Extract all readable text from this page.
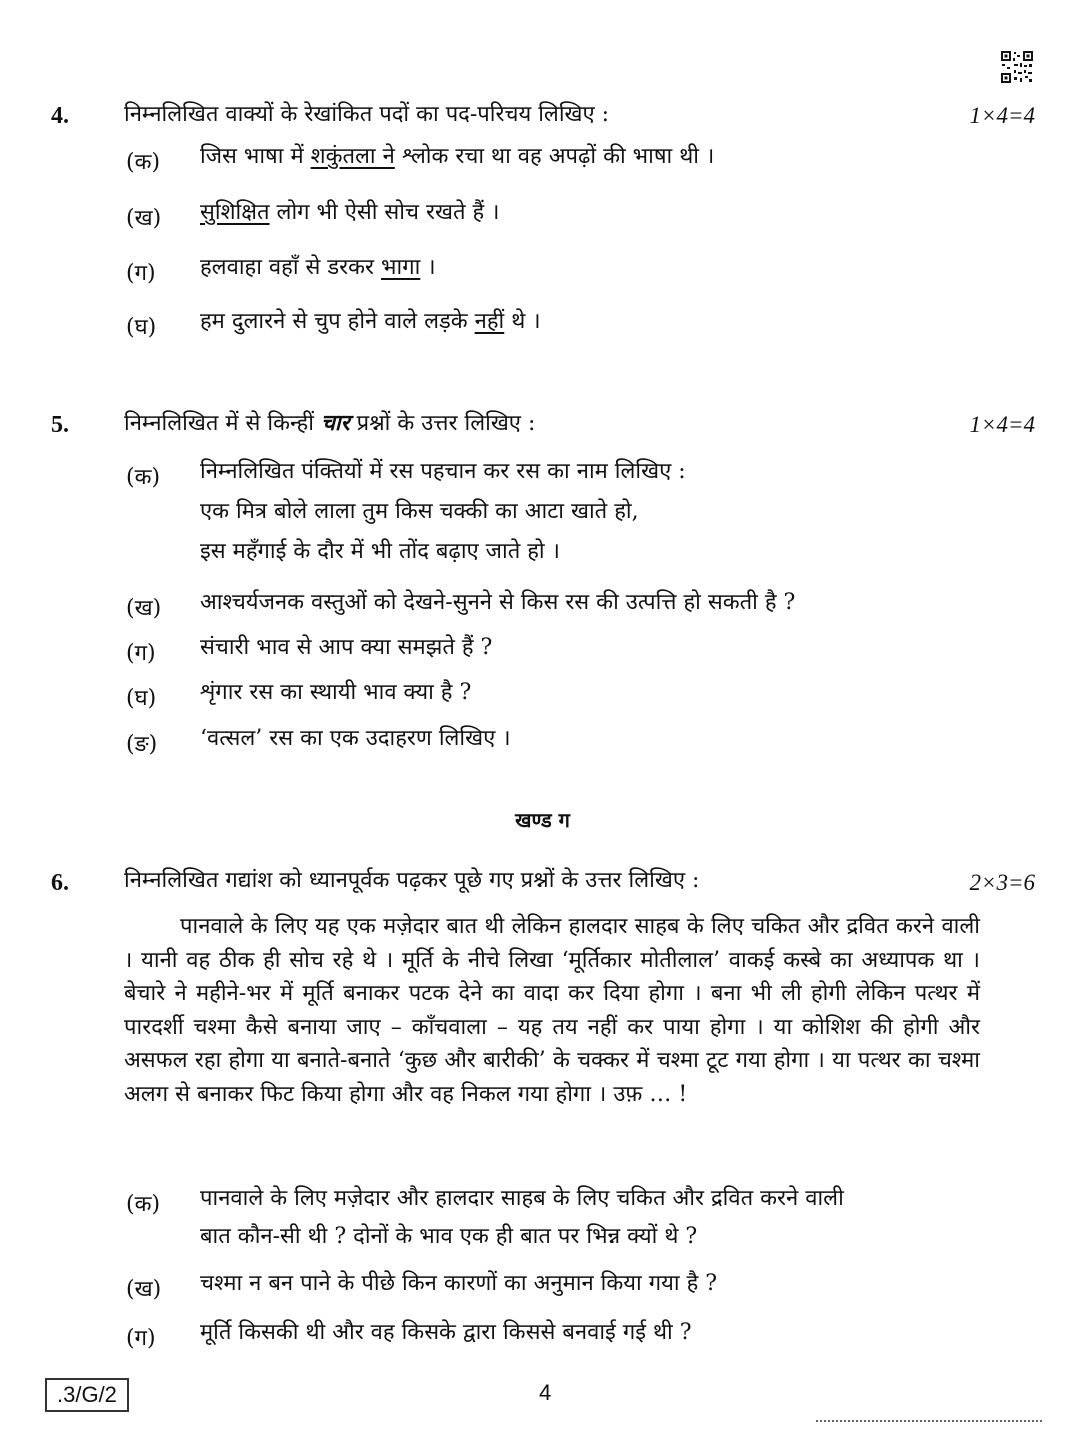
4.	निम्नलिखित वाक्यों के रेखांकित पदों का पद-परिचय लिखिए :	1×4=4
(क) जिस भाषा में शकुंतला ने श्लोक रचा था वह अपढ़ों की भाषा थी ।
(ख) सुशिक्षित लोग भी ऐसी सोच रखते हैं ।
(ग) हलवाहा वहाँ से डरकर भागा ।
(घ) हम दुलारने से चुप होने वाले लड़के नहीं थे ।
5.	निम्नलिखित में से किन्हीं चार प्रश्नों के उत्तर लिखिए :	1×4=4
(क) निम्नलिखित पंक्तियों में रस पहचान कर रस का नाम लिखिए :
एक मित्र बोले लाला तुम किस चक्की का आटा खाते हो,
इस महँगाई के दौर में भी तोंद बढ़ाए जाते हो ।
(ख) आश्चर्यजनक वस्तुओं को देखने-सुनने से किस रस की उत्पत्ति हो सकती है ?
(ग) संचारी भाव से आप क्या समझते हैं ?
(घ) शृंगार रस का स्थायी भाव क्या है ?
(ङ) ‘वत्सल’ रस का एक उदाहरण लिखिए ।
खण्ड ग
6.	निम्नलिखित गद्यांश को ध्यानपूर्वक पढ़कर पूछे गए प्रश्नों के उत्तर लिखिए :	2×3=6
पानवाले के लिए यह एक मज़ेदार बात थी लेकिन हालदार साहब के लिए चकित और द्रवित करने वाली । यानी वह ठीक ही सोच रहे थे । मूर्ति के नीचे लिखा ‘मूर्तिकार मोतीलाल’ वाकई कस्बे का अध्यापक था । बेचारे ने महीने-भर में मूर्ति बनाकर पटक देने का वादा कर दिया होगा । बना भी ली होगी लेकिन पत्थर में पारदर्शी चश्मा कैसे बनाया जाए – काँचवाला – यह तय नहीं कर पाया होगा । या कोशिश की होगी और असफल रहा होगा या बनाते-बनाते ‘कुछ और बारीकी’ के चक्कर में चश्मा टूट गया होगा । या पत्थर का चश्मा अलग से बनाकर फिट किया होगा और वह निकल गया होगा । उफ़ … !
(क) पानवाले के लिए मज़ेदार और हालदार साहब के लिए चकित और द्रवित करने वाली
बात कौन-सी थी ? दोनों के भाव एक ही बात पर भिन्न क्यों थे ?
(ख) चश्मा न बन पाने के पीछे किन कारणों का अनुमान किया गया है ?
(ग) मूर्ति किसकी थी और वह किसके द्वारा किससे बनवाई गई थी ?
.3/G/2	4
